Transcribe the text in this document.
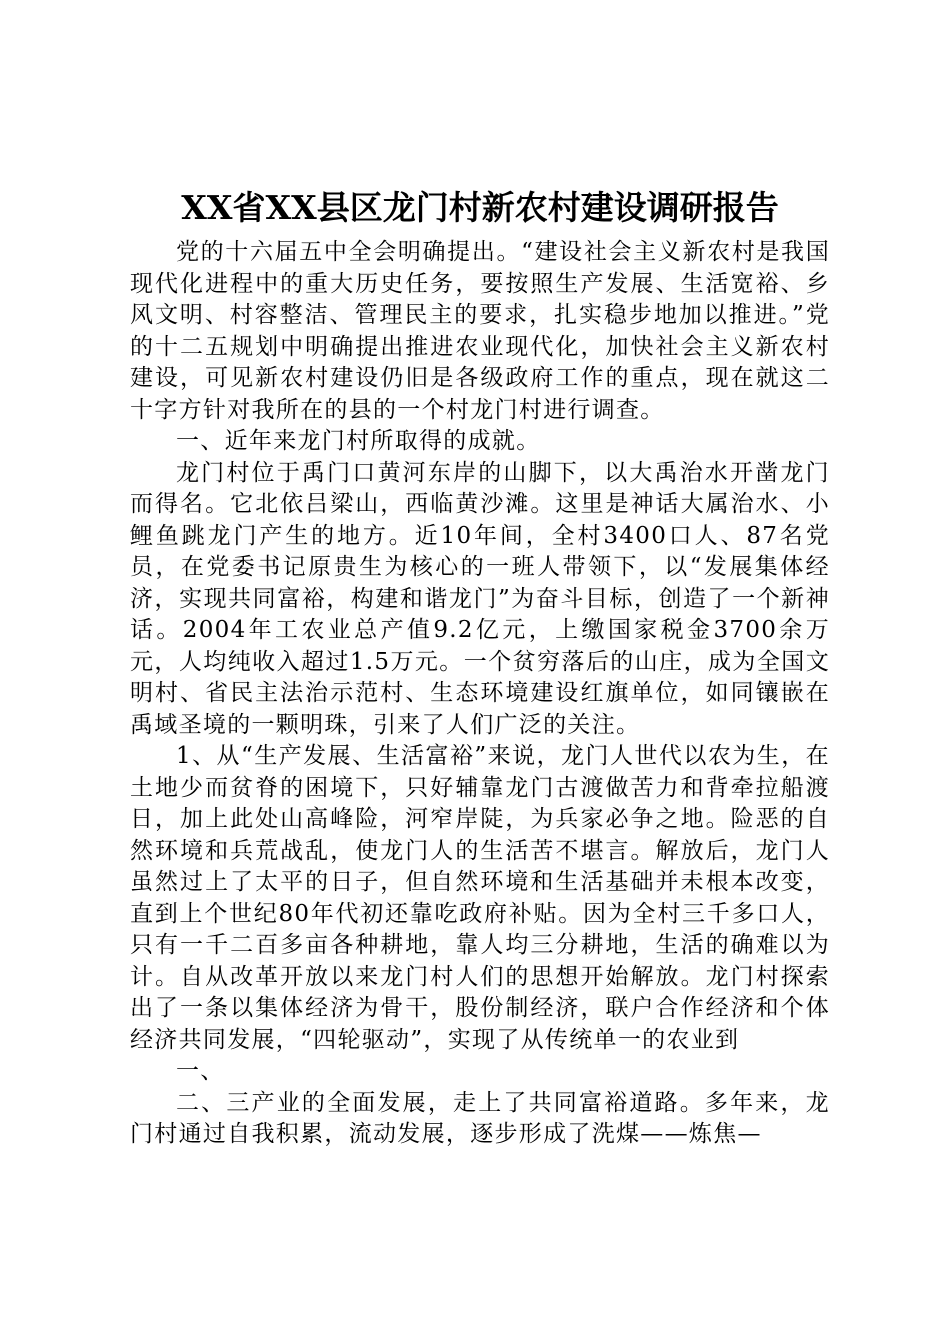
XX省XX县区龙门村新农村建设调研报告

党的十六届五中全会明确提出。“建设社会主义新农村是我国现代化进程中的重大历史任务，要按照生产发展、生活宽裕、乡风文明、村容整洁、管理民主的要求，扎实稳步地加以推进。”党的十二五规划中明确提出推进农业现代化，加快社会主义新农村建设，可见新农村建设仍旧是各级政府工作的重点，现在就这二十字方针对我所在的县的一个村龙门村进行调查。

一、近年来龙门村所取得的成就。

龙门村位于禹门口黄河东岸的山脚下，以大禹治水开凿龙门而得名。它北依吕梁山，西临黄沙滩。这里是神话大属治水、小鲤鱼跳龙门产生的地方。近10年间，全村3400口人、87名党员，在党委书记原贵生为核心的一班人带领下，以“发展集体经济，实现共同富裕，构建和谐龙门”为奋斗目标，创造了一个新神话。2004年工农业总产值9.2亿元，上缴国家税金3700余万元，人均纯收入超过1.5万元。一个贫穷落后的山庄，成为全国文明村、省民主法治示范村、生态环境建设红旗单位，如同镶嵌在禹域圣境的一颗明珠，引来了人们广泛的关注。

1、从“生产发展、生活富裕”来说，龙门人世代以农为生，在土地少而贫脊的困境下，只好辅靠龙门古渡做苦力和背牵拉船渡日，加上此处山高峰险，河窄岸陡，为兵家必争之地。险恶的自然环境和兵荒战乱，使龙门人的生活苦不堪言。解放后，龙门人虽然过上了太平的日子，但自然环境和生活基础并未根本改变，直到上个世纪80年代初还靠吃政府补贴。因为全村三千多口人，只有一千二百多亩各种耕地，靠人均三分耕地，生活的确难以为计。自从改革开放以来龙门村人们的思想开始解放。龙门村探索出了一条以集体经济为骨干，股份制经济，联户合作经济和个体经济共同发展，“四轮驱动”，实现了从传统单一的农业到

一、

二、三产业的全面发展，走上了共同富裕道路。多年来，龙门村通过自我积累，流动发展，逐步形成了洗煤——炼焦—
